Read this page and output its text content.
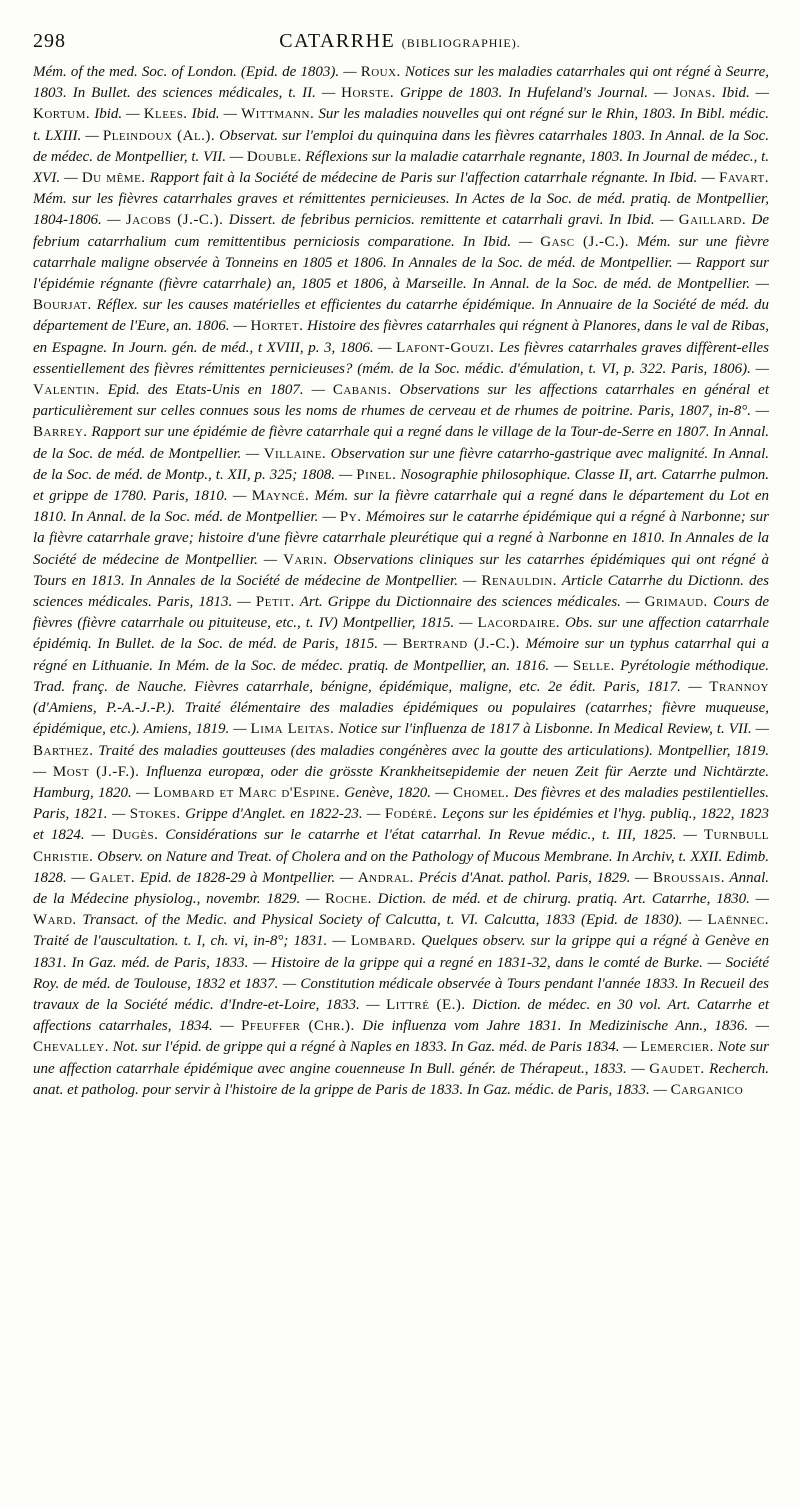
298	CATARRHE (BIBLIOGRAPHIE).

Mém. of the med. Soc. of London. (Epid. de 1803). — Roux. Notices sur les maladies catarrhales qui ont régné à Seurre, 1803. In Bullet. des sciences médicales, t. II. — Horste. Grippe de 1803. In Hufeland's Journal. — Jonas. Ibid. — Kortum. Ibid. — Klees. Ibid. — Wittmann. Sur les maladies nouvelles qui ont régné sur le Rhin, 1803. In Bibl. médic. t. LXIII. — Pleindoux (Al.). Observat. sur l'emploi du quinquina dans les fièvres catarrhales 1803. In Annal. de la Soc. de médec. de Montpellier, t. VII. — Double. Réflexions sur la maladie catarrhale regnante, 1803. In Journal de médec., t. XVI. — Du même. Rapport fait à la Société de médecine de Paris sur l'affection catarrhale régnante. In Ibid. — Favart. Mém. sur les fièvres catarrhales graves et rémittentes pernicieuses. In Actes de la Soc. de méd. pratiq. de Montpellier, 1804-1806. — Jacobs (J.-C.). Dissert. de febribus pernicios. remittente et catarrhali gravi. In Ibid. — Gaillard. De febrium catarrhalium cum remittentibus perniciosis comparatione. In Ibid. — Gasc (J.-C.). Mém. sur une fièvre catarrhale maligne observée à Tonneins en 1805 et 1806. In Annales de la Soc. de méd. de Montpellier. — Rapport sur l'épidémie régnante (fièvre catarrhale) an, 1805 et 1806, à Marseille. In Annal. de la Soc. de méd. de Montpellier. — Bourjat. Réflex. sur les causes matérielles et efficientes du catarrhe épidémique. In Annuaire de la Société de méd. du département de l'Eure, an. 1806. — Hortet. Histoire des fièvres catarrhales qui régnent à Planores, dans le val de Ribas, en Espagne. In Journ. gén. de méd., t XVIII, p. 3, 1806. — Lafont-Gouzi. Les fièvres catarrhales graves diffèrent-elles essentiellement des fièvres rémittentes pernicieuses? (mém. de la Soc. médic. d'émulation, t. VI, p. 322. Paris, 1806). — Valentin. Epid. des Etats-Unis en 1807. — Cabanis. Observations sur les affections catarrhales en général et particulièrement sur celles connues sous les noms de rhumes de cerveau et de rhumes de poitrine. Paris, 1807, in-8°. — Barrey. Rapport sur une épidémie de fièvre catarrhale qui a regné dans le village de la Tour-de-Serre en 1807. In Annal. de la Soc. de méd. de Montpellier. — Villaine. Observation sur une fièvre catarrho-gastrique avec malignité. In Annal. de la Soc. de méd. de Montp., t. XII, p. 325; 1808. — Pinel. Nosographie philosophique. Classe II, art. Catarrhe pulmon. et grippe de 1780. Paris, 1810. — Mayncé. Mém. sur la fièvre catarrhale qui a regné dans le département du Lot en 1810. In Annal. de la Soc. méd. de Montpellier. — Py. Mémoires sur le catarrhe épidémique qui a régné à Narbonne; sur la fièvre catarrhale grave; histoire d'une fièvre catarrhale pleurétique qui a regné à Narbonne en 1810. In Annales de la Société de médecine de Montpellier. — Varin. Observations cliniques sur les catarrhes épidémiques qui ont régné à Tours en 1813. In Annales de la Société de médecine de Montpellier. — Renauldin. Article Catarrhe du Dictionn. des sciences médicales. Paris, 1813. — Petit. Art. Grippe du Dictionnaire des sciences médicales. — Grimaud. Cours de fièvres (fièvre catarrhale ou pituiteuse, etc., t. IV) Montpellier, 1815. — Lacordaire. Obs. sur une affection catarrhale épidémiq. In Bullet. de la Soc. de méd. de Paris, 1815. — Bertrand (J.-C.). Mémoire sur un typhus catarrhal qui a régné en Lithuanie. In Mém. de la Soc. de médec. pratiq. de Montpellier, an. 1816. — Selle. Pyrétologie méthodique. Trad. franç. de Nauche. Fièvres catarrhale, bénigne, épidémique, maligne, etc. 2e édit. Paris, 1817. — Trannoy (d'Amiens, P.-A.-J.-P.). Traité élémentaire des maladies épidémiques ou populaires (catarrhes; fièvre muqueuse, épidémique, etc.). Amiens, 1819. — Lima Leitas. Notice sur l'influenza de 1817 à Lisbonne. In Medical Review, t. VII. — Barthez. Traité des maladies goutteuses (des maladies congénères avec la goutte des articulations). Montpellier, 1819. — Most (J.-F.). Influenza europœa, oder die grösste Krankheitsepidemie der neuen Zeit für Aerzte und Nichtärzte. Hamburg, 1820. — Lombard et Marc d'Espine. Genève, 1820. — Chomel. Des fièvres et des maladies pestilentielles. Paris, 1821. — Stokes. Grippe d'Anglet. en 1822-23. — Fodéré. Leçons sur les épidémies et l'hyg. publiq., 1822, 1823 et 1824. — Dugès. Considérations sur le catarrhe et l'état catarrhal. In Revue médic., t. III, 1825. — Turnbull Christie. Observ. on Nature and Treat. of Cholera and on the Pathology of Mucous Membrane. In Archiv, t. XXII. Edimb. 1828. — Galet. Epid. de 1828-29 à Montpellier. — Andral. Précis d'Anat. pathol. Paris, 1829. — Broussais. Annal. de la Médecine physiolog., novembr. 1829. — Roche. Diction. de méd. et de chirurg. pratiq. Art. Catarrhe, 1830. — Ward. Transact. of the Medic. and Physical Society of Calcutta, t. VI. Calcutta, 1833 (Epid. de 1830). — Laënnec. Traité de l'auscultation. t. I, ch. vi, in-8°; 1831. — Lombard. Quelques observ. sur la grippe qui a régné à Genève en 1831. In Gaz. méd. de Paris, 1833. — Histoire de la grippe qui a regné en 1831-32, dans le comté de Burke. — Société Roy. de méd. de Toulouse, 1832 et 1837. — Constitution médicale observée à Tours pendant l'année 1833. In Recueil des travaux de la Société médic. d'Indre-et-Loire, 1833. — Littré (E.). Diction. de médec. en 30 vol. Art. Catarrhe et affections catarrhales, 1834. — Pfeuffer (Chr.). Die influenza vom Jahre 1831. In Medizinische Ann., 1836. — Chevalley. Not. sur l'épid. de grippe qui a régné à Naples en 1833. In Gaz. méd. de Paris 1834. — Lemercier. Note sur une affection catarrhale épidémique avec angine couenneuse In Bull. génér. de Thérapeut., 1833. — Gaudet. Recherch. anat. et patholog. pour servir à l'histoire de la grippe de Paris de 1833. In Gaz. médic. de Paris, 1833. — Carganico
